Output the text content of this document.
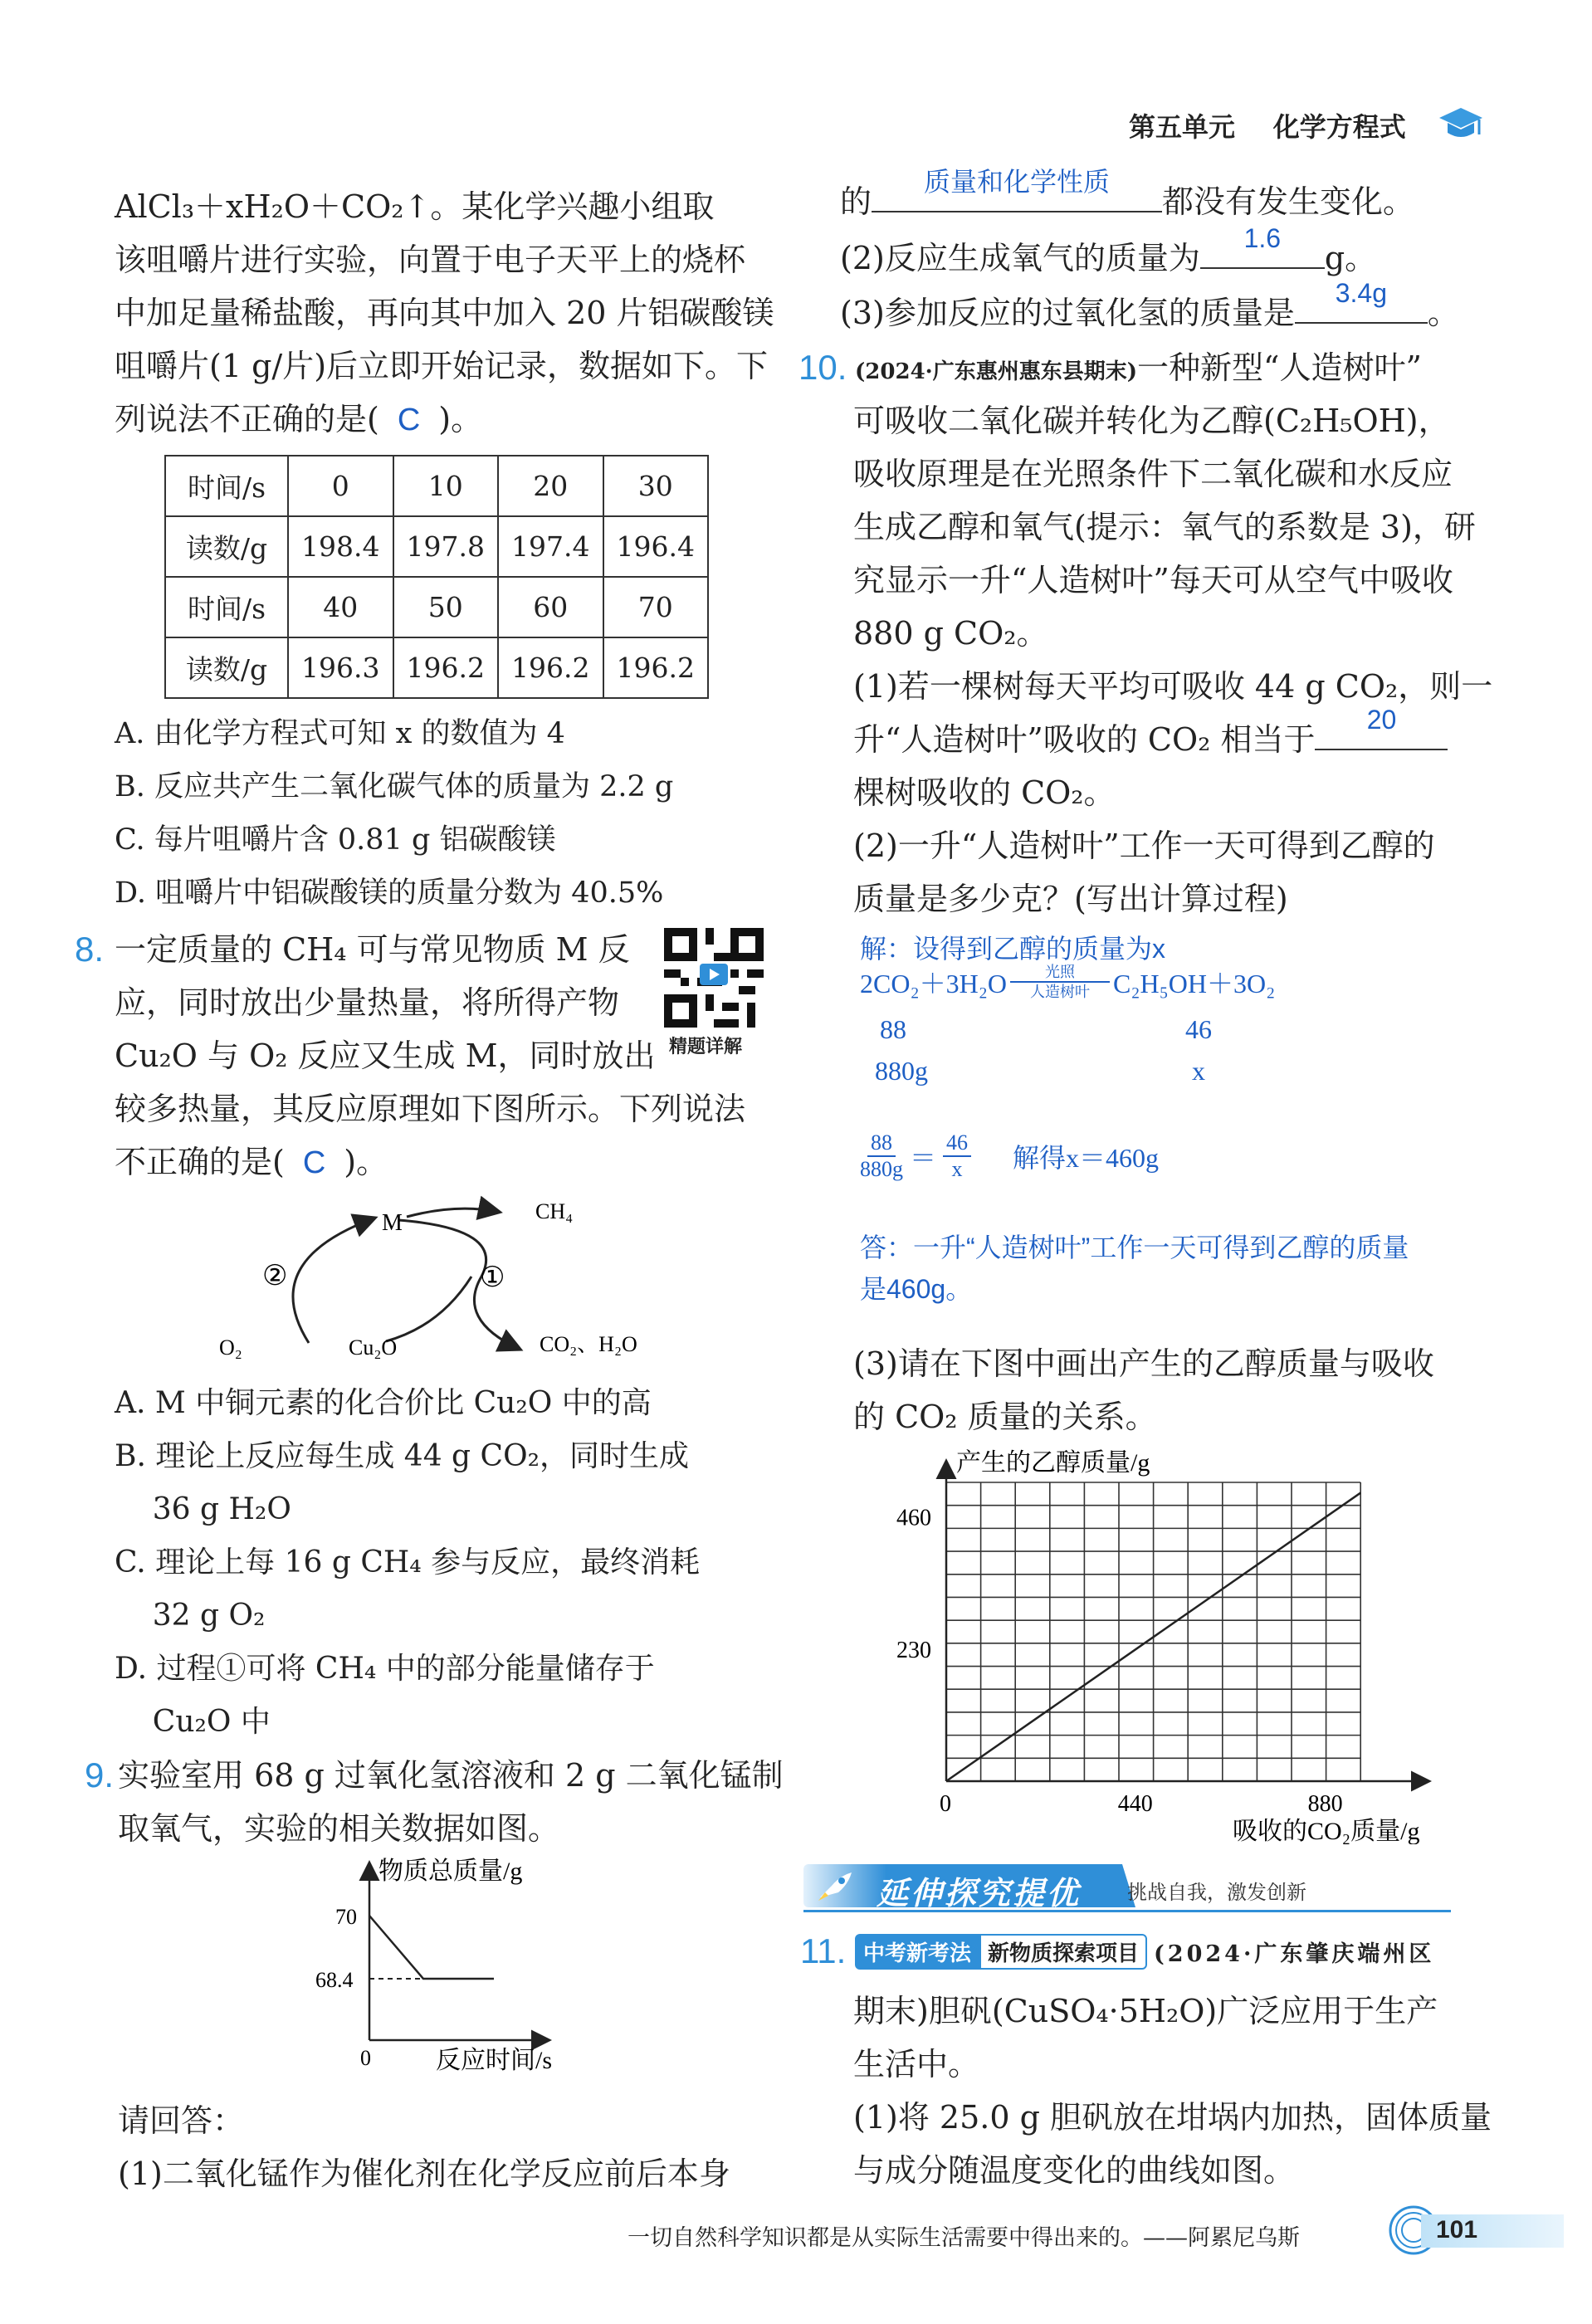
第五单元 化学方程式
AlCl₃＋xH₂O＋CO₂↑。某化学兴趣小组取
该咀嚼片进行实验，向置于电子天平上的烧杯
中加足量稀盐酸，再向其中加入 20 片铝碳酸镁
咀嚼片(1 g/片)后立即开始记录，数据如下。下
列说法不正确的是( C )。
时间/s	0	10	20	30
读数/g	198.4	197.8	197.4	196.4
时间/s	40	50	60	70
读数/g	196.3	196.2	196.2	196.2
A. 由化学方程式可知 x 的数值为 4
B. 反应共产生二氧化碳气体的质量为 2.2 g
C. 每片咀嚼片含 0.81 g 铝碳酸镁
D. 咀嚼片中铝碳酸镁的质量分数为 40.5%
8. 一定质量的 CH₄ 可与常见物质 M 反
应，同时放出少量热量，将所得产物
Cu₂O 与 O₂ 反应又生成 M，同时放出
较多热量，其反应原理如下图所示。下列说法
不正确的是( C )。
精题详解
M	CH₄
②	①
O₂	Cu₂O	CO₂、H₂O
A. M 中铜元素的化合价比 Cu₂O 中的高
B. 理论上反应每生成 44 g CO₂，同时生成
36 g H₂O
C. 理论上每 16 g CH₄ 参与反应，最终消耗
32 g O₂
D. 过程①可将 CH₄ 中的部分能量储存于
Cu₂O 中
9. 实验室用 68 g 过氧化氢溶液和 2 g 二氧化锰制
取氧气，实验的相关数据如图。
物质总质量/g
70
68.4
0	反应时间/s
请回答：
(1)二氧化锰作为催化剂在化学反应前后本身
的
质量和化学性质
都没有发生变化。
(2)反应生成氧气的质量为
1.6
g。
(3)参加反应的过氧化氢的质量是
3.4g
。
10. (2024·广东惠州惠东县期末)一种新型“人造树叶”
可吸收二氧化碳并转化为乙醇(C₂H₅OH)，
吸收原理是在光照条件下二氧化碳和水反应
生成乙醇和氧气(提示：氧气的系数是 3)，研
究显示一升“人造树叶”每天可从空气中吸收
880 g CO₂。
(1)若一棵树每天平均可吸收 44 g CO₂，则一
升“人造树叶”吸收的 CO₂ 相当于
20
棵树吸收的 CO₂。
(2)一升“人造树叶”工作一天可得到乙醇的
质量是多少克？(写出计算过程)
解：设得到乙醇的质量为x
2CO₂＋3H₂O	光照
人造树叶 C₂H₅OH＋3O₂
88	46
880g	x
$\frac{88}{880g} = \frac{46}{x}$ 解得x＝460g
答：一升“人造树叶”工作一天可得到乙醇的质量
是460g。
(3)请在下图中画出产生的乙醇质量与吸收
的 CO₂ 质量的关系。
产生的乙醇质量/g
460
230
0	440	880
吸收的CO₂质量/g
延伸探究提优 挑战自我，激发创新
11. 中考新考法 新物质探索项目 (2024·广东肇庆端州区
期末)胆矾(CuSO₄·5H₂O)广泛应用于生产
生活中。
(1)将 25.0 g 胆矾放在坩埚内加热，固体质量
与成分随温度变化的曲线如图。
一切自然科学知识都是从实际生活需要中得出来的。——阿累尼乌斯	101
